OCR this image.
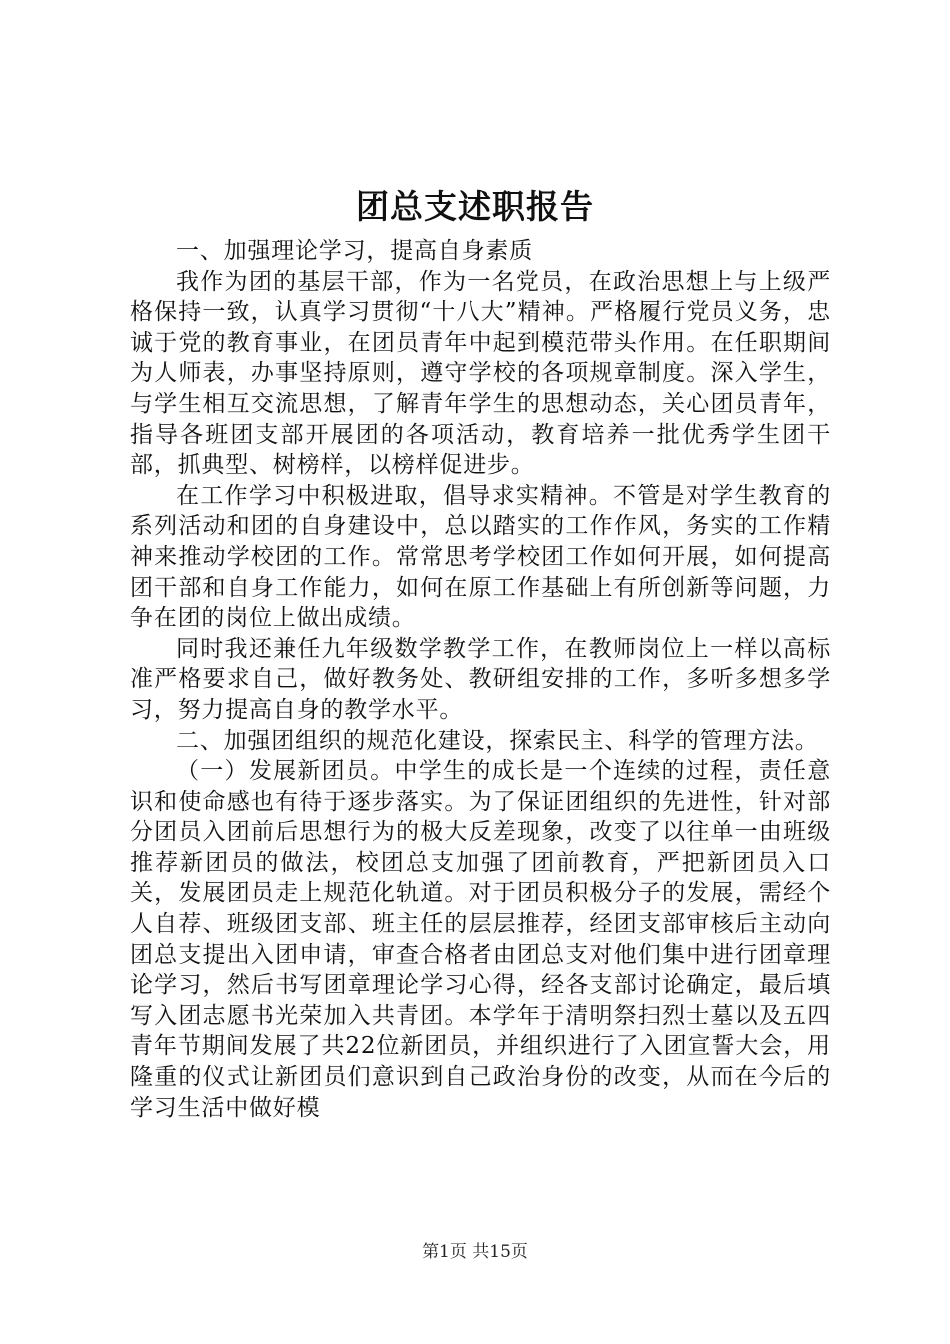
团总支述职报告

一、加强理论学习，提高自身素质

我作为团的基层干部，作为一名党员，在政治思想上与上级严格保持一致，认真学习贯彻“十八大”精神。严格履行党员义务，忠诚于党的教育事业，在团员青年中起到模范带头作用。在任职期间为人师表，办事坚持原则，遵守学校的各项规章制度。深入学生，与学生相互交流思想，了解青年学生的思想动态，关心团员青年，指导各班团支部开展团的各项活动，教育培养一批优秀学生团干部，抓典型、树榜样，以榜样促进步。

在工作学习中积极进取，倡导求实精神。不管是对学生教育的系列活动和团的自身建设中，总以踏实的工作作风，务实的工作精神来推动学校团的工作。常常思考学校团工作如何开展，如何提高团干部和自身工作能力，如何在原工作基础上有所创新等问题，力争在团的岗位上做出成绩。

同时我还兼任九年级数学教学工作，在教师岗位上一样以高标准严格要求自己，做好教务处、教研组安排的工作，多听多想多学习，努力提高自身的教学水平。

二、加强团组织的规范化建设，探索民主、科学的管理方法。

（一）发展新团员。中学生的成长是一个连续的过程，责任意识和使命感也有待于逐步落实。为了保证团组织的先进性，针对部分团员入团前后思想行为的极大反差现象，改变了以往单一由班级推荐新团员的做法，校团总支加强了团前教育，严把新团员入口关，发展团员走上规范化轨道。对于团员积极分子的发展，需经个人自荐、班级团支部、班主任的层层推荐，经团支部审核后主动向团总支提出入团申请，审查合格者由团总支对他们集中进行团章理论学习，然后书写团章理论学习心得，经各支部讨论确定，最后填写入团志愿书光荣加入共青团。本学年于清明祭扫烈士墓以及五四青年节期间发展了共22位新团员，并组织进行了入团宣誓大会，用隆重的仪式让新团员们意识到自己政治身份的改变，从而在今后的学习生活中做好模

第1页 共15页
